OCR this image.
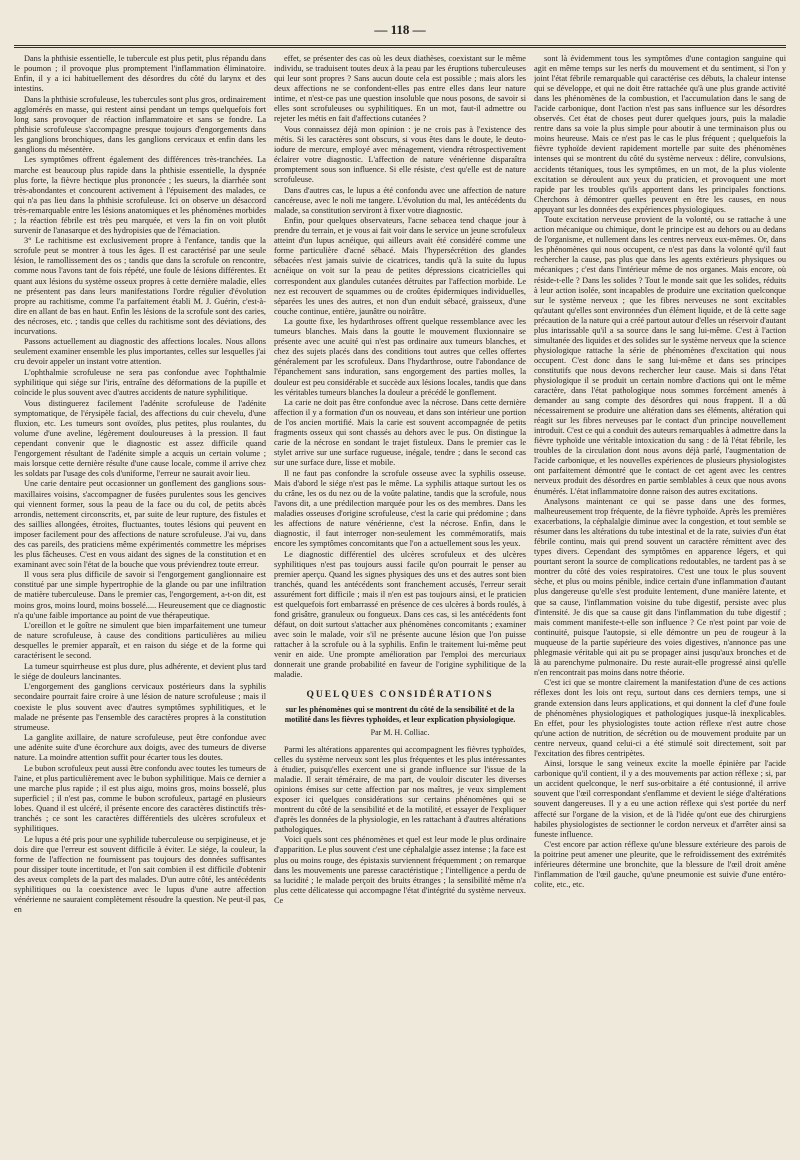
— 118 —

Dans la phthisie essentielle, le tubercule est plus petit, plus répandu dans le poumon ; il provoque plus promptement l'inflammation éliminatoire. Enfin, il y a ici habituellement des désordres du côté du larynx et des intestins.

Dans la phthisie scrofuleuse, les tubercules sont plus gros, ordinairement agglomérés en masse, qui restent ainsi pendant un temps quelquefois fort long sans provoquer de réaction inflammatoire et sans se fondre. La phthisie scrofuleuse s'accompagne presque toujours d'engorgements dans les ganglions bronchiques, dans les ganglions cervicaux et enfin dans les ganglions du mésentère.

Les symptômes offrent également des différences très-tranchées. La marche est beaucoup plus rapide dans la phthisie essentielle, la dyspnée plus forte, la fièvre hectique plus prononcée ; les sueurs, la diarrhée sont très-abondantes et concourent activement à l'épuisement des malades, ce qui n'a pas lieu dans la phthisie scrofuleuse. Ici on observe un désaccord très-remarquable entre les lésions anatomiques et les phénomènes morbides ; la réaction fébrile est très peu marquée, et vers la fin on voit plutôt survenir de l'anasarque et des hydropisies que de l'émaciation.

3° Le rachitisme est exclusivement propre à l'enfance, tandis que la scrofule peut se montrer à tous les âges. Il est caractérisé par une seule lésion, le ramollissement des os ; tandis que dans la scrofule on rencontre, comme nous l'avons tant de fois répété, une foule de lésions différentes. Et quant aux lésions du système osseux propres à cette dernière maladie, elles ne présentent pas dans leurs manifestations l'ordre régulier d'évolution propre au rachitisme, comme l'a parfaitement établi M. J. Guérin, c'est-à-dire en allant de bas en haut. Enfin les lésions de la scrofule sont des caries, des nécroses, etc. ; tandis que celles du rachitisme sont des déviations, des incurvations.

Passons actuellement au diagnostic des affections locales. Nous allons seulement examiner ensemble les plus importantes, celles sur lesquelles j'ai cru devoir appeler un instant votre attention.

L'ophthalmie scrofuleuse ne sera pas confondue avec l'ophthalmie syphilitique qui siége sur l'iris, entraîne des déformations de la pupille et coïncide le plus souvent avec d'autres accidents de nature syphilitique.

Vous distinguerez facilement l'adénite scrofuleuse de l'adénite symptomatique, de l'érysipèle facial, des affections du cuir chevelu, d'une fluxion, etc. Les tumeurs sont ovoïdes, plus petites, plus roulantes, du volume d'une aveline, légèrement douloureuses à la pression. Il faut cependant convenir que le diagnostic est assez difficile quand l'engorgement résultant de l'adénite simple a acquis un certain volume ; mais lorsque cette dernière résulte d'une cause locale, comme il arrive chez les soldats par l'usage des cols d'uniforme, l'erreur ne saurait avoir lieu.

Une carie dentaire peut occasionner un gonflement des ganglions sous-maxillaires voisins, s'accompagner de fusées purulentes sous les gencives qui viennent former, sous la peau de la face ou du col, de petits abcès arrondis, nettement circonscrits, et, par suite de leur rupture, des fistules et des saillies allongées, étroites, fluctuantes, toutes lésions qui peuvent en imposer facilement pour des affections de nature scrofuleuse. J'ai vu, dans des cas pareils, des praticiens même expérimentés commettre les méprises les plus fâcheuses. C'est en vous aidant des signes de la constitution et en examinant avec soin l'état de la bouche que vous préviendrez toute erreur.

Il vous sera plus difficile de savoir si l'engorgement ganglionnaire est constitué par une simple hypertrophie de la glande ou par une infiltration de matière tuberculeuse. Dans le premier cas, l'engorgement, a-t-on dit, est moins gros, moins lourd, moins bosselé..... Heureusement que ce diagnostic n'a qu'une faible importance au point de vue thérapeutique.

L'oreillon et le goître ne simulent que bien imparfaitement une tumeur de nature scrofuleuse, à cause des conditions particulières au milieu desquelles le premier apparaît, et en raison du siége et de la forme qui caractérisent le second.

La tumeur squirrheuse est plus dure, plus adhérente, et devient plus tard le siége de douleurs lancinantes.

L'engorgement des ganglions cervicaux postérieurs dans la syphilis secondaire pourrait faire croire à une lésion de nature scrofuleuse ; mais il coexiste le plus souvent avec d'autres symptômes syphilitiques, et le malade ne présente pas l'ensemble des caractères propres à la constitution strumeuse.

La ganglite axillaire, de nature scrofuleuse, peut être confondue avec une adénite suite d'une écorchure aux doigts, avec des tumeurs de diverse nature. La moindre attention suffit pour écarter tous les doutes.

Le bubon scrofuleux peut aussi être confondu avec toutes les tumeurs de l'aine, et plus particulièrement avec le bubon syphilitique. Mais ce dernier a une marche plus rapide ; il est plus aigu, moins gros, moins bosselé, plus superficiel ; il n'est pas, comme le bubon scrofuleux, partagé en plusieurs lobes. Quand il est ulcéré, il présente encore des caractères distinctifs très-tranchés ; ce sont les caractères différentiels des ulcères scrofuleux et syphilitiques.

Le lupus a été pris pour une syphilide tuberculeuse ou serpigineuse, et je dois dire que l'erreur est souvent difficile à éviter. Le siége, la couleur, la forme de l'affection ne fournissent pas toujours des données suffisantes pour dissiper toute incertitude, et l'on sait combien il est difficile d'obtenir des aveux complets de la part des malades. D'un autre côté, les antécédents syphilitiques ou la coexistence avec le lupus d'une autre affection vénérienne ne sauraient complètement résoudre la question. Ne peut-il pas, en

effet, se présenter des cas où les deux diathèses, coexistant sur le même individu, se traduisent toutes deux à la peau par les éruptions tuberculeuses qui leur sont propres ? Sans aucun doute cela est possible ; mais alors les deux affections ne se confondent-elles pas entre elles dans leur nature intime, et n'est-ce pas une question insoluble que nous posons, de savoir si elles sont scrofuleuses ou syphilitiques. En un mot, faut-il admettre ou rejeter les métis en fait d'affections cutanées ?

Vous connaissez déjà mon opinion : je ne crois pas à l'existence des métis. Si les caractères sont obscurs, si vous êtes dans le doute, le deuto-iodure de mercure, employé avec ménagement, viendra rétrospectivement éclairer votre diagnostic. L'affection de nature vénérienne disparaîtra promptement sous son influence. Si elle résiste, c'est qu'elle est de nature scrofuleuse.

Dans d'autres cas, le lupus a été confondu avec une affection de nature cancéreuse, avec le noli me tangere. L'évolution du mal, les antécédents du malade, sa constitution serviront à fixer votre diagnostic.

Enfin, pour quelques observateurs, l'acne sebacea tend chaque jour à prendre du terrain, et je vous ai fait voir dans le service un jeune scrofuleux atteint d'un lupus acnéique, qui ailleurs avait été considéré comme une forme particulière d'acné sébacé. Mais l'hypersécrétion des glandes sébacées n'est jamais suivie de cicatrices, tandis qu'à la suite du lupus acnéique on voit sur la peau de petites dépressions cicatricielles qui correspondent aux glandules cutanées détruites par l'affection morbide. Le nez est recouvert de squammes ou de croûtes épidermiques individuelles, séparées les unes des autres, et non d'un enduit sébacé, graisseux, d'une couche continue, entière, jaunâtre ou noirâtre.

La goutte fixe, les hydarthroses offrent quelque ressemblance avec les tumeurs blanches. Mais dans la goutte le mouvement fluxionnaire se présente avec une acuité qui n'est pas ordinaire aux tumeurs blanches, et chez des sujets placés dans des conditions tout autres que celles offertes généralement par les scrofuleux. Dans l'hydarthrose, outre l'abondance de l'épanchement sans induration, sans engorgement des parties molles, la douleur est peu considérable et succède aux lésions locales, tandis que dans les véritables tumeurs blanches la douleur a précédé le gonflement.

La carie ne doit pas être confondue avec la nécrose. Dans cette dernière affection il y a formation d'un os nouveau, et dans son intérieur une portion de l'os ancien mortifié. Mais la carie est souvent accompagnée de petits fragments osseux qui sont chassés au dehors avec le pus. On distingue la carie de la nécrose en sondant le trajet fistuleux. Dans le premier cas le stylet arrive sur une surface rugueuse, inégale, tendre ; dans le second cas sur une surface dure, lisse et mobile.

Il ne faut pas confondre la scrofule osseuse avec la syphilis osseuse. Mais d'abord le siége n'est pas le même. La syphilis attaque surtout les os du crâne, les os du nez ou de la voûte palatine, tandis que la scrofule, nous l'avons dit, a une prédilection marquée pour les os des membres. Dans les maladies osseuses d'origine scrofuleuse, c'est la carie qui prédomine ; dans les affections de nature vénérienne, c'est la nécrose. Enfin, dans le diagnostic, il faut interroger non-seulement les commémoratifs, mais encore les symptômes concomitants que l'on a actuellement sous les yeux.

Le diagnostic différentiel des ulcères scrofuleux et des ulcères syphilitiques n'est pas toujours aussi facile qu'on pourrait le penser au premier aperçu. Quand les signes physiques des uns et des autres sont bien tranchés, quand les antécédents sont franchement accusés, l'erreur serait assurément fort difficile ; mais il n'en est pas toujours ainsi, et le praticien est quelquefois fort embarrassé en présence de ces ulcères à bords roulés, à fond grisâtre, granuleux ou fongueux. Dans ces cas, si les antécédents font défaut, on doit surtout s'attacher aux phénomènes concomitants ; examiner avec soin le malade, voir s'il ne présente aucune lésion que l'on puisse rattacher à la scrofule ou à la syphilis. Enfin le traitement lui-même peut venir en aide. Une prompte amélioration par l'emploi des mercuriaux donnerait une grande probabilité en faveur de l'origine syphilitique de la maladie.

QUELQUES CONSIDÉRATIONS
sur les phénomènes qui se montrent du côté de la sensibilité et de la motilité dans les fièvres typhoïdes, et leur explication physiologique.
Par M. H. Colliac.

Parmi les altérations apparentes qui accompagnent les fièvres typhoïdes, celles du système nerveux sont les plus fréquentes et les plus intéressantes à étudier, puisqu'elles exercent une si grande influence sur l'issue de la maladie. Il serait téméraire, de ma part, de vouloir discuter les diverses opinions émises sur cette affection par nos maîtres, je veux simplement exposer ici quelques considérations sur certains phénomènes qui se montrent du côté de la sensibilité et de la motilité, et essayer de l'expliquer d'après les données de la physiologie, en les rattachant à d'autres altérations pathologiques.

Voici quels sont ces phénomènes et quel est leur mode le plus ordinaire d'apparition. Le plus souvent c'est une céphalalgie assez intense ; la face est plus ou moins rouge, des épistaxis surviennent fréquemment ; on remarque dans les mouvements une paresse caractéristique ; l'intelligence a perdu de sa lucidité ; le malade perçoit des bruits étranges ; la sensibilité même n'a plus cette délicatesse qui accompagne l'état d'intégrité du système nerveux. Ce

sont là évidemment tous les symptômes d'une contagion sanguine qui agit en même temps sur les nerfs du mouvement et du sentiment, si l'on y joint l'état fébrile remarquable qui caractérise ces débuts, la chaleur intense qui se développe, et qui ne doit être rattachée qu'à une plus grande activité dans les phénomènes de la combustion, et l'accumulation dans le sang de l'acide carbonique, dont l'action n'est pas sans influence sur les désordres observés. Cet état de choses peut durer quelques jours, puis la maladie rentre dans sa voie la plus simple pour aboutir à une terminaison plus ou moins heureuse. Mais ce n'est pas le cas le plus fréquent ; quelquefois la fièvre typhoïde devient rapidement mortelle par suite des phénomènes intenses qui se montrent du côté du système nerveux : délire, convulsions, accidents tétaniques, tous les symptômes, en un mot, de la plus violente excitation se déroulent aux yeux du praticien, et provoquent une mort rapide par les troubles qu'ils apportent dans les principales fonctions. Cherchons à démontrer quelles peuvent en être les causes, en nous appuyant sur les données des expériences physiologiques.

Toute excitation nerveuse provient de la volonté, ou se rattache à une action mécanique ou chimique, dont le principe est au dehors ou au dedans de l'organisme, et nullement dans les centres nerveux eux-mêmes. Or, dans les phénomènes qui nous occupent, ce n'est pas dans la volonté qu'il faut rechercher la cause, pas plus que dans les agents extérieurs physiques ou mécaniques ; c'est dans l'intérieur même de nos organes. Mais encore, où réside-t-elle ? Dans les solides ? Tout le monde sait que les solides, réduits à leur action isolée, sont incapables de produire une excitation quelconque sur le système nerveux ; que les fibres nerveuses ne sont excitables qu'autant qu'elles sont environnées d'un élément liquide, et de là cette sage précaution de la nature qui a créé partout autour d'elles un réservoir d'autant plus intarissable qu'il a sa source dans le sang lui-même. C'est à l'action simultanée des liquides et des solides sur le système nerveux que la science physiologique rattache la série de phénomènes d'excitation qui nous occupent. C'est donc dans le sang lui-même et dans ses principes constitutifs que nous devons rechercher leur cause. Mais si dans l'état physiologique il se produit un certain nombre d'actions qui ont le même caractère, dans l'état pathologique nous sommes forcément amenés à demander au sang compte des désordres qui nous frappent. Il a dû nécessairement se produire une altération dans ses éléments, altération qui réagit sur les fibres nerveuses par le contact d'un principe nouvellement introduit. C'est ce qui a conduit des auteurs remarquables à admettre dans la fièvre typhoïde une véritable intoxication du sang : de là l'état fébrile, les troubles de la circulation dont nous avons déjà parlé, l'augmentation de l'acide carbonique, et les nouvelles expériences de plusieurs physiologistes ont parfaitement démontré que le contact de cet agent avec les centres nerveux produit des désordres en partie semblables à ceux que nous avons énumérés. L'état inflammatoire donne raison des autres excitations.

Analysons maintenant ce qui se passe dans une des formes, malheureusement trop fréquente, de la fièvre typhoïde. Après les premières exacerbations, la céphalalgie diminue avec la congestion, et tout semble se résumer dans les altérations du tube intestinal et de la rate, suivies d'un état fébrile continu, mais qui prend souvent un caractère rémittent avec des types divers. Cependant des symptômes en apparence légers, et qui pourtant seront la source de complications redoutables, ne tardent pas à se montrer du côté des voies respiratoires. C'est une toux le plus souvent sèche, et plus ou moins pénible, indice certain d'une inflammation d'autant plus dangereuse qu'elle s'est produite lentement, d'une manière latente, et que sa cause, l'inflammation voisine du tube digestif, persiste avec plus d'intensité. Je dis que sa cause git dans l'inflammation du tube digestif ; mais comment manifeste-t-elle son influence ? Ce n'est point par voie de continuité, puisque l'autopsie, si elle démontre un peu de rougeur à la muqueuse de la partie supérieure des voies digestives, n'annonce pas une phlegmasie véritable qui ait pu se propager ainsi jusqu'aux bronches et de là au parenchyme pulmonaire. Du reste aurait-elle progressé ainsi qu'elle n'en rencontrait pas moins dans notre théorie.

C'est ici que se montre clairement la manifestation d'une de ces actions réflexes dont les lois ont reçu, surtout dans ces derniers temps, une si grande extension dans leurs applications, et qui donnent la clef d'une foule de phénomènes physiologiques et pathologiques jusque-là inexplicables. En effet, pour les physiologistes toute action réflexe n'est autre chose qu'une action de nutrition, de sécrétion ou de mouvement produite par un centre nerveux, quand celui-ci a été stimulé soit directement, soit par l'excitation des fibres centripètes.

Ainsi, lorsque le sang veineux excite la moelle épinière par l'acide carbonique qu'il contient, il y a des mouvements par action réflexe ; si, par un accident quelconque, le nerf sus-orbitaire a été contusionné, il arrive souvent que l'œil correspondant s'enflamme et devient le siége d'altérations souvent dangereuses. Il y a eu une action réflexe qui s'est portée du nerf affecté sur l'organe de la vision, et de là l'idée qu'ont eue des chirurgiens habiles physiologistes de sectionner le cordon nerveux et d'arrêter ainsi sa funeste influence.

C'est encore par action réflexe qu'une blessure extérieure des parois de la poitrine peut amener une pleurite, que le refroidissement des extrémités inférieures détermine une bronchite, que la blessure de l'œil droit amène l'inflammation de l'œil gauche, qu'une pneumonie est suivie d'une entéro-colite, etc., etc.
